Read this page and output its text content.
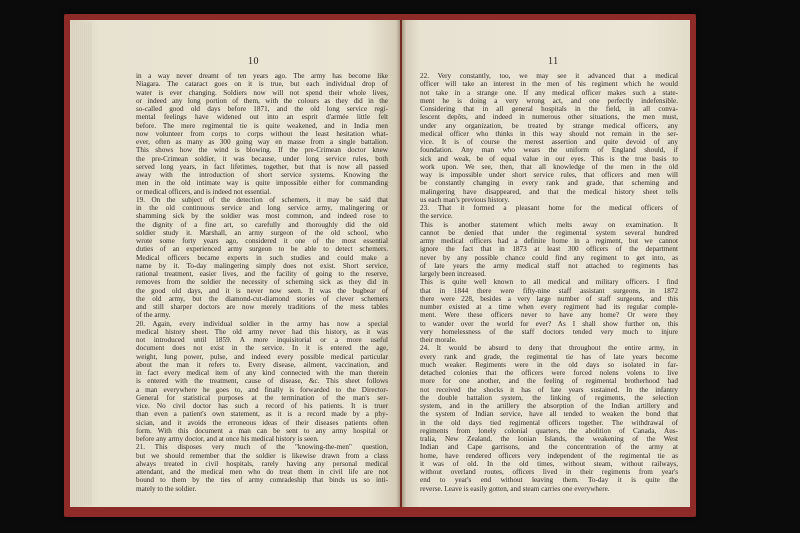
10
in a way never dreamt of ten years ago. The army has become like
Niagara. The cataract goes on it is true, but each individual drop of
water is ever changing. Soldiers now will not spend their whole lives,
or indeed any long portion of them, with the colours as they did in the
so-called good old days before 1871, and the old long service regi-
mental feelings have widened out into an esprit d'armée little felt
before. The mere regimental tie is quite weakened, and in India men
now volunteer from corps to corps without the least hesitation what-
ever, often as many as 300 going way en masse from a single battalion.
This shows how the wind is blowing. If the pre-Crimean doctor knew
the pre-Crimean soldier, it was because, under long service rules, both
served long years, in fact lifetimes, together, but that is now all passed
away with the introduction of short service systems. Knowing the
men in the old intimate way is quite impossible either for commanding
or medical officers, and is indeed not essential.
19. On the subject of the detection of schemers, it may be said that
in the old continuous service and long service army, malingering or
shamming sick by the soldier was most common, and indeed rose to
the dignity of a fine art, so carefully and thoroughly did the old
soldier study it. Marshall, an army surgeon of the old school, who
wrote some forty years ago, considered it one of the most essential
duties of an experienced army surgeon to be able to detect schemers.
Medical officers became experts in such studies and could make a
name by it. To-day malingering simply does not exist. Short service,
rational treatment, easier lives, and the facility of going to the reserve,
removes from the soldier the necessity of scheming sick as they did in
the good old days, and it is never now seen. It was the bugbear of
the old army, but the diamond-cut-diamond stories of clever schemers
and still sharper doctors are now merely traditions of the mess tables
of the army.
20. Again, every individual soldier in the army has now a special
medical history sheet. The old army never had this history, as it was
not introduced until 1859. A more inquisitorial or a more useful
document does not exist in the service. In it is entered the age,
weight, lung power, pulse, and indeed every possible medical particular
about the man it refers to. Every disease, ailment, vaccination, and
in fact every medical item of any kind connected with the man therein
is entered with the treatment, cause of disease, &c. This sheet follows
a man everywhere he goes to, and finally is forwarded to the Director-
General for statistical purposes at the termination of the man's ser-
vice. No civil doctor has such a record of his patients. It is truer
than even a patient's own statement, as it is a record made by a phy-
sician, and it avoids the erroneous ideas of their diseases patients often
form. With this document a man can be sent to any army hospital or
before any army doctor, and at once his medical history is seen.
21. This disposes very much of the "knowing-the-men" question,
but we should remember that the soldier is likewise drawn from a class
always treated in civil hospitals, rarely having any personal medical
attendant, and the medical men who do treat them in civil life are not
bound to them by the ties of army comradeship that binds us so inti-
mately to the soldier.
11
22. Very constantly, too, we may see it advanced that a medical
officer will take an interest in the men of his regiment which he would
not take in a strange one. If any medical officer makes such a state-
ment he is doing a very wrong act, and one perfectly indefensible.
Considering that in all general hospitals in the field, in all conva-
lescent depôts, and indeed in numerous other situations, the men must,
under any organization, be treated by strange medical officers, any
medical officer who thinks in this way should not remain in the ser-
vice. It is of course the merest assertion and quite devoid of any
foundation. Any man who wears the uniform of England should, if
sick and weak, be of equal value in our eyes. This is the true basis to
work upon. We see, then, that all knowledge of the men in the old
way is impossible under short service rules, that officers and men will
be constantly changing in every rank and grade, that scheming and
malingering have disappeared, and that the medical history sheet tells
us each man's previous history.
23. That it formed a pleasant home for the medical officers of
the service.
This is another statement which melts away on examination. It
cannot be denied that under the regimental system several hundred
army medical officers had a definite home in a regiment, but we cannot
ignore the fact that in 1873 at least 300 officers of the department
never by any possible chance could find any regiment to get into, as
of late years the army medical staff not attached to regiments has
largely been increased.
This is quite well known to all medical and military officers. I find
that in 1844 there were fifty-nine staff assistant surgeons, in 1872
there were 228, besides a very large number of staff surgeons, and this
number existed at a time when every regiment had its regular comple-
ment. Were these officers never to have any home? Or were they
to wander over the world for ever? As I shall show further on, this
very homelessness of the staff doctors tended very much to injure
their morale.
24. It would be absurd to deny that throughout the entire army, in
every rank and grade, the regimental tie has of late years become
much weaker. Regiments were in the old days so isolated in far-
detached colonies that the officers were forced nolens volens to live
more for one another, and the feeling of regimental brotherhood had
not received the shocks it has of late years sustained. In the infantry
the double battalion system, the linking of regiments, the selection
system, and in the artillery the absorption of the Indian artillery and
the system of Indian service, have all tended to weaken the bond that
in the old days tied regimental officers together. The withdrawal of
regiments from lonely colonial quarters, the abolition of Canada, Aus-
tralia, New Zealand, the Ionian Islands, the weakening of the West
Indian and Cape garrisons, and the concentration of the army at
home, have rendered officers very independent of the regimental tie as
it was of old. In the old times, without steam, without railways,
without overland routes, officers lived in their regiments from year's
end to year's end without leaving them. To-day it is quite the
reverse. Leave is easily gotten, and steam carries one everywhere.
